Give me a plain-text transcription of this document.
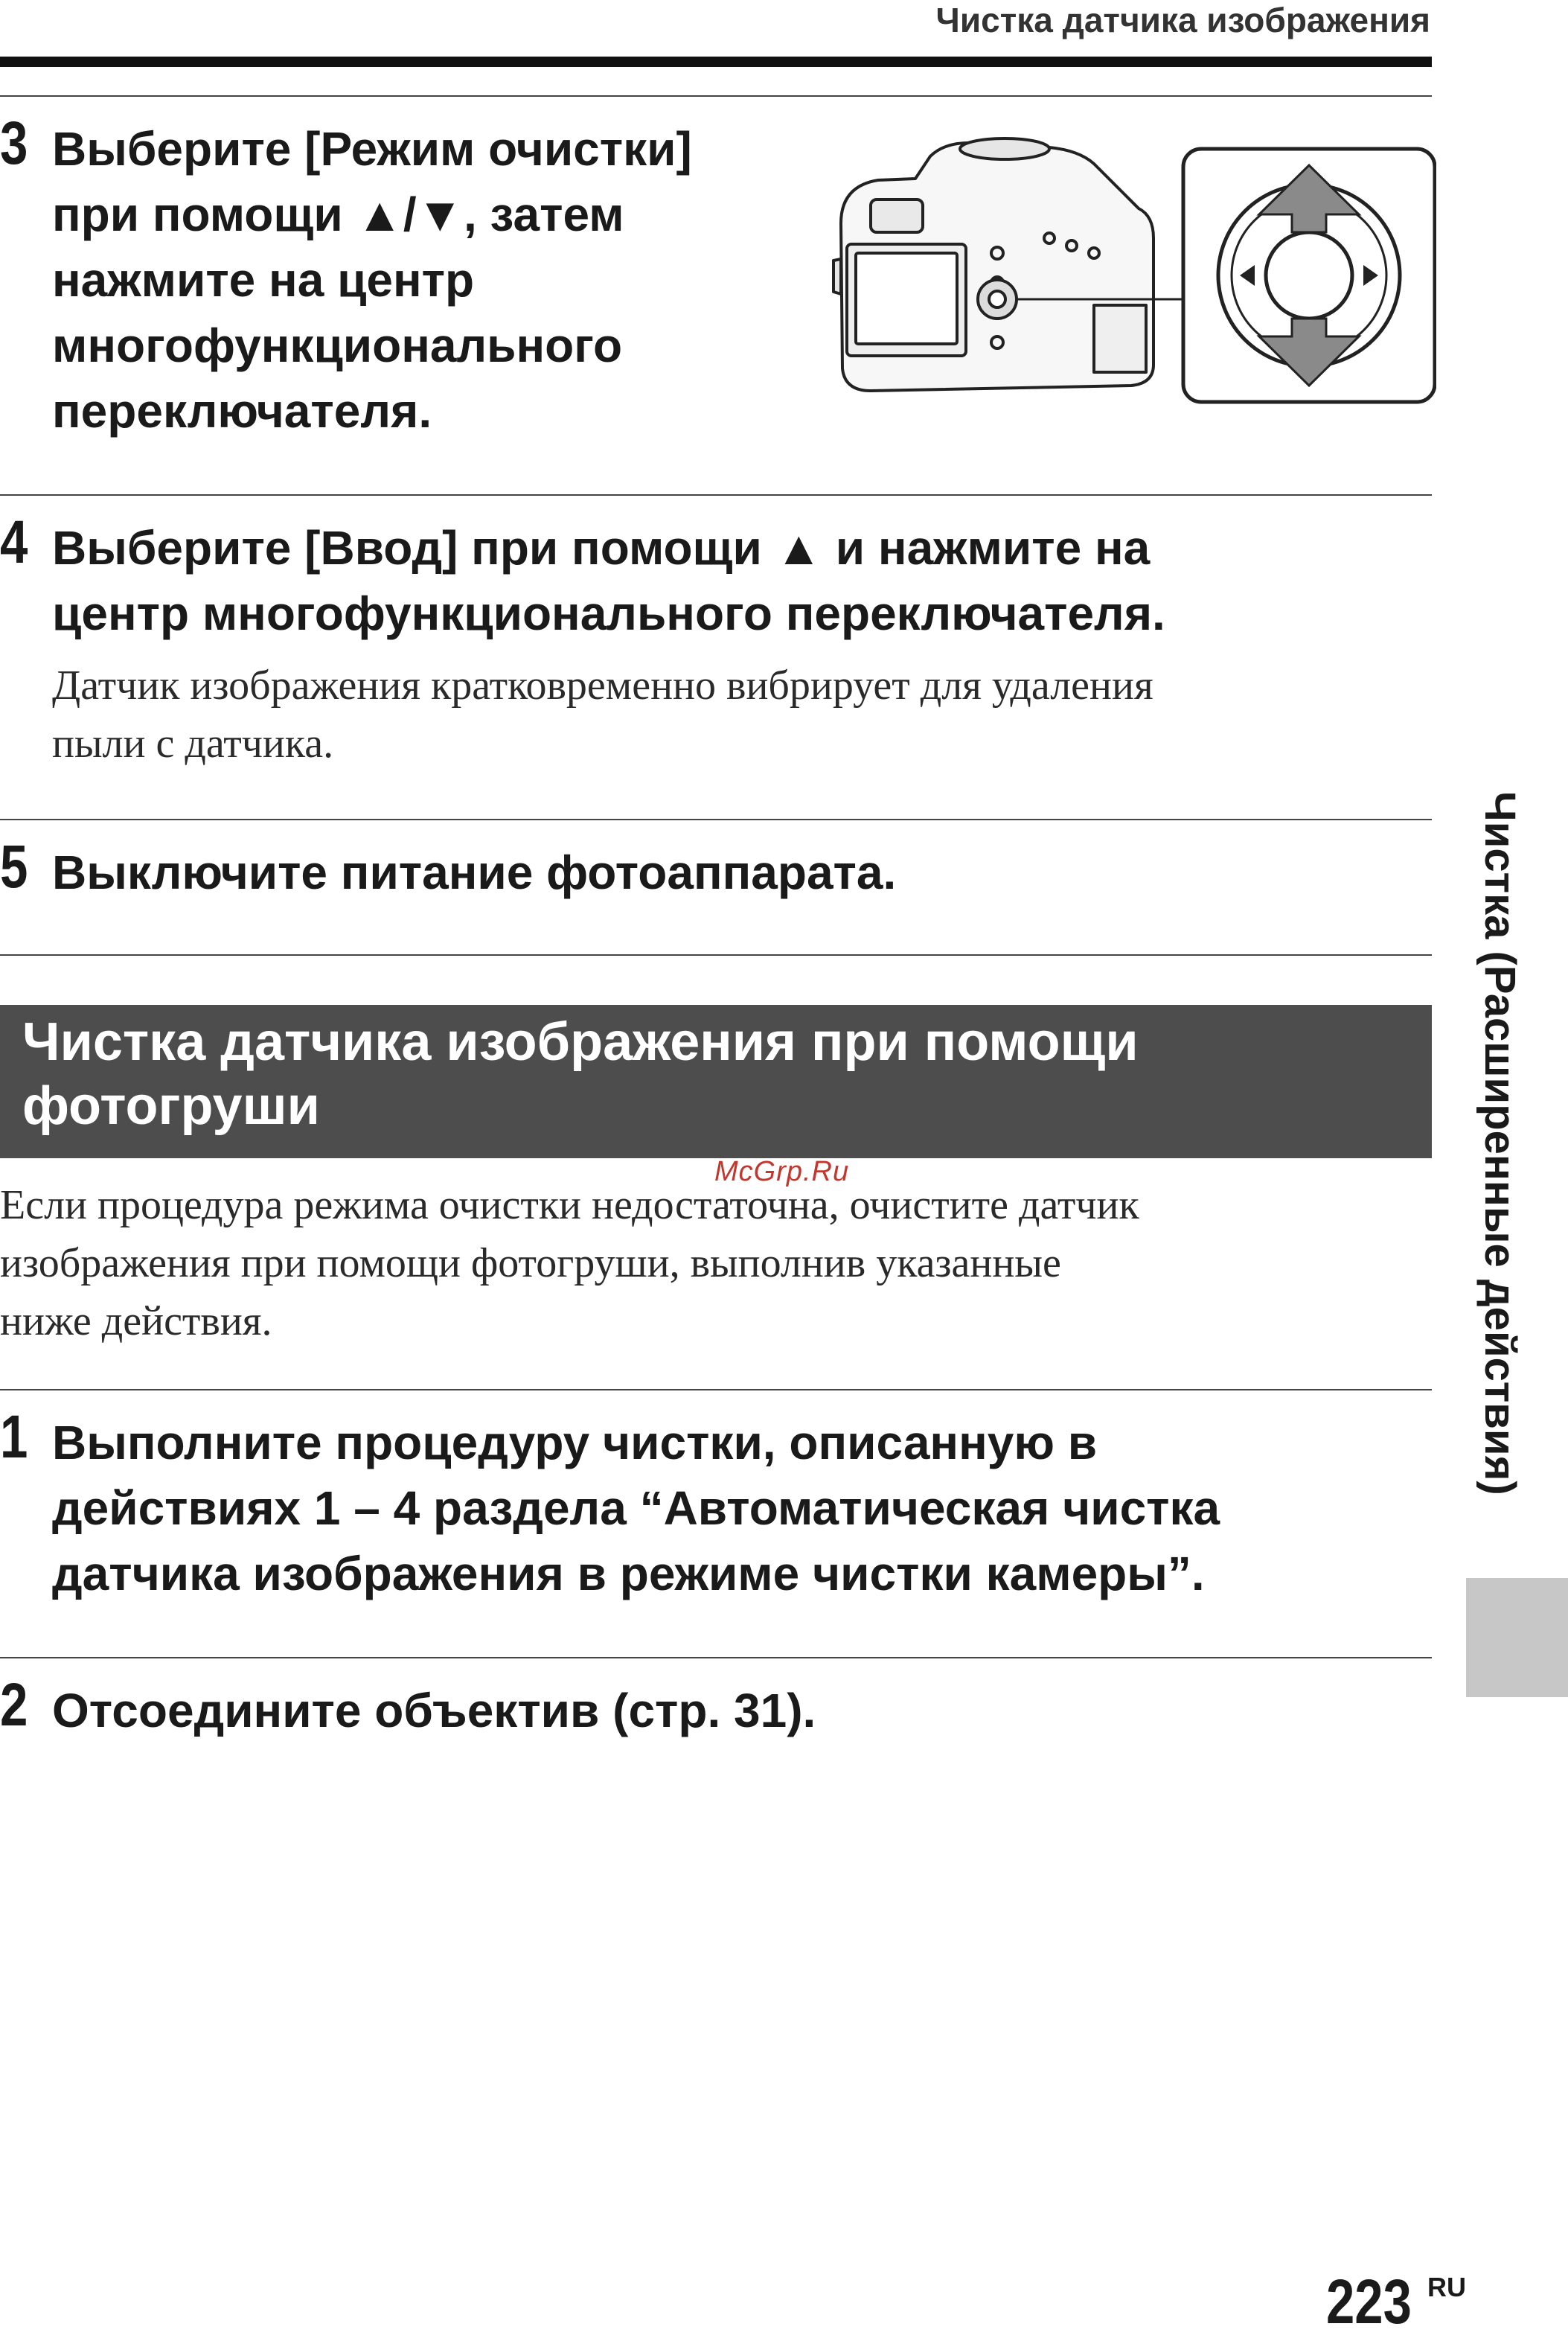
Чистка датчика изображения
3 Выберите [Режим очистки]
при помощи ▲/▼, затем
нажмите на центр
многофункционального
переключателя.
4 Выберите [Ввод] при помощи ▲ и нажмите на
центр многофункционального переключателя.
Датчик изображения кратковременно вибрирует для удаления
пыли с датчика.
5 Выключите питание фотоаппарата.
Чистка датчика изображения при помощи
фотогруши
McGrp.Ru
Если процедура режима очистки недостаточна, очистите датчик
изображения при помощи фотогруши, выполнив указанные
ниже действия.
1 Выполните процедуру чистки, описанную в
действиях 1 – 4 раздела “Автоматическая чистка
датчика изображения в режиме чистки камеры”.
2 Отсоедините объектив (стр. 31).
Чистка (Расширенные действия)
223 RU
